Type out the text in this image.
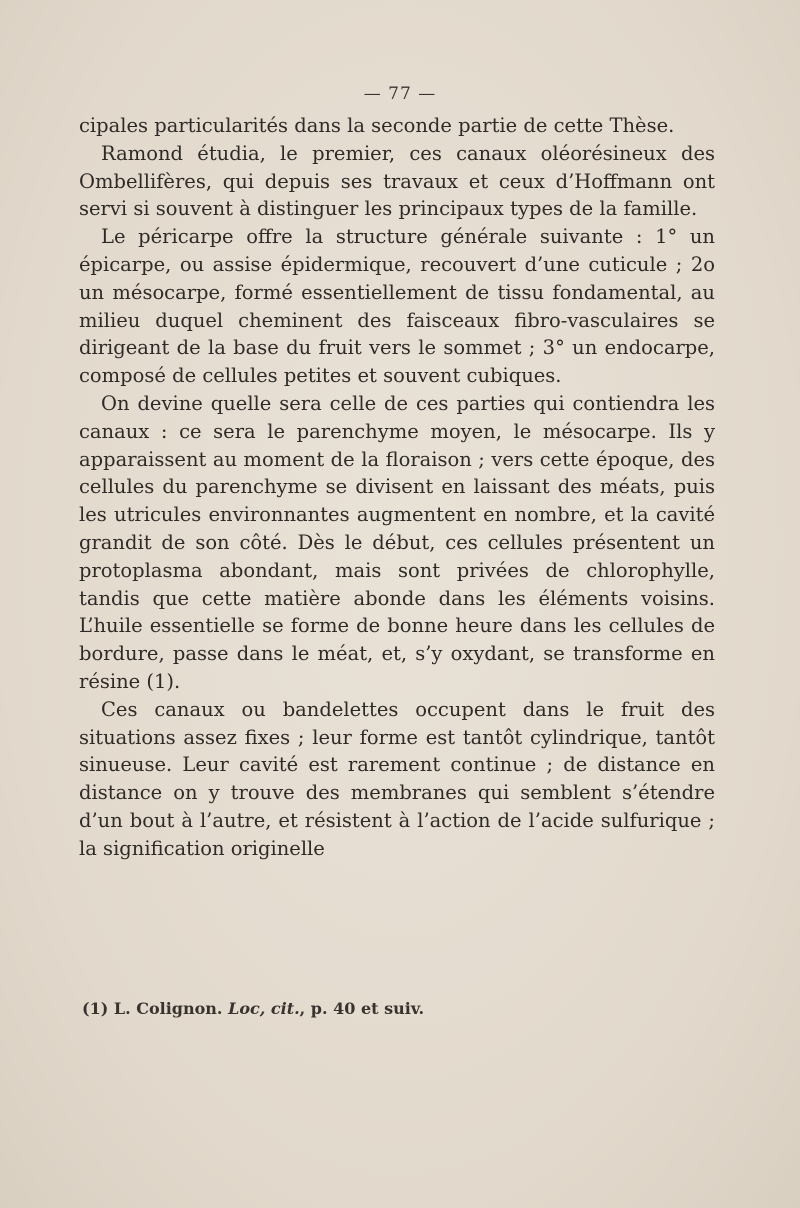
— 77 —

cipales particularités dans la seconde partie de cette Thèse.

Ramond étudia, le premier, ces canaux oléorésineux des Ombellifères, qui depuis ses travaux et ceux d’Hoffmann ont servi si souvent à distinguer les principaux types de la famille.

Le péricarpe offre la structure générale suivante : 1° un épicarpe, ou assise épidermique, recouvert d’une cuticule ; 2o un mésocarpe, formé essentiellement de tissu fondamental, au milieu duquel cheminent des faisceaux fibro-vasculaires se dirigeant de la base du fruit vers le sommet ; 3° un endocarpe, composé de cellules petites et souvent cubiques.

On devine quelle sera celle de ces parties qui contiendra les canaux : ce sera le parenchyme moyen, le mésocarpe. Ils y apparaissent au moment de la floraison ; vers cette époque, des cellules du parenchyme se divisent en laissant des méats, puis les utricules environnantes augmentent en nombre, et la cavité grandit de son côté. Dès le début, ces cellules présentent un protoplasma abondant, mais sont privées de chlorophylle, tandis que cette matière abonde dans les éléments voisins. L’huile essentielle se forme de bonne heure dans les cellules de bordure, passe dans le méat, et, s’y oxydant, se transforme en résine (1).

Ces canaux ou bandelettes occupent dans le fruit des situations assez fixes ; leur forme est tantôt cylindrique, tantôt sinueuse. Leur cavité est rarement continue ; de distance en distance on y trouve des membranes qui semblent s’étendre d’un bout à l’autre, et résistent à l’action de l’acide sulfurique ; la signification originelle

(1) L. Colignon. Loc, cit., p. 40 et suiv.
